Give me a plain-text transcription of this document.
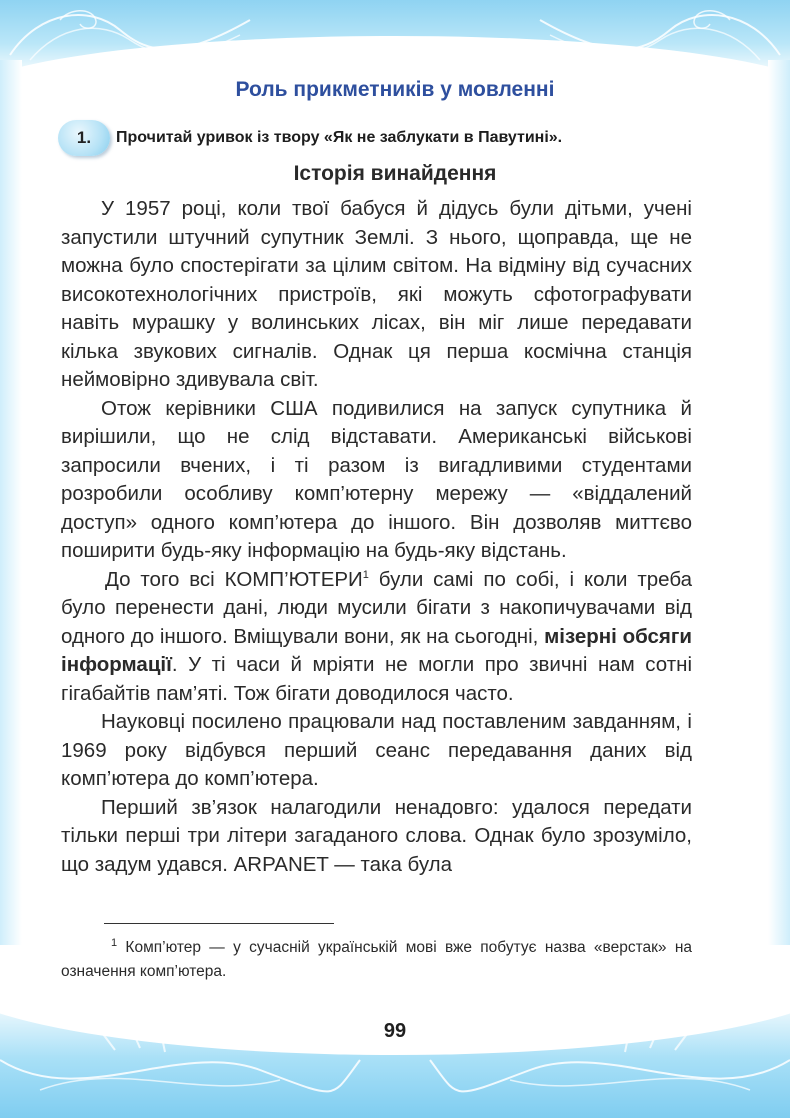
Роль прикметників у мовленні
1.	Прочитай уривок із твору «Як не заблукати в Павутині».
Історія винайдення

У 1957 році, коли твої бабуся й дідусь були дітьми, учені запустили штучний супутник Землі. З нього, щоправда, ще не можна було спостерігати за цілим світом. На відміну від сучасних високотехнологічних пристроїв, які можуть сфотографувати навіть мурашку у волинських лісах, він міг лише передавати кілька звукових сигналів. Однак ця перша космічна станція неймовірно здивувала світ.

Отож керівники США подивилися на запуск супутника й вирішили, що не слід відставати. Американські військові запросили вчених, і ті разом із вигадливими студентами розробили особливу комп’ютерну мережу — «віддалений доступ» одного комп’ютера до іншого. Він дозволяв миттєво поширити будь-яку інформацію на будь-яку відстань.

До того всі КОМП’ЮТЕРИ$^1$ були самі по собі, і коли треба було перенести дані, люди мусили бігати з накопичувачами від одного до іншого. Вміщували вони, як на сьогодні, мізерні обсяги інформації. У ті часи й мріяти не могли про звичні нам сотні гігабайтів пам’яті. Тож бігати доводилося часто.

Науковці посилено працювали над поставленим завданням, і 1969 року відбувся перший сеанс передавання даних від комп’ютера до комп’ютера.

Перший зв’язок налагодили ненадовго: удалося передати тільки перші три літери загаданого слова. Однак було зрозуміло, що задум удався. ARPANET — така була

$^1$ Комп’ютер — у сучасній українській мові вже побутує назва «верстак» на означення комп’ютера.

99
